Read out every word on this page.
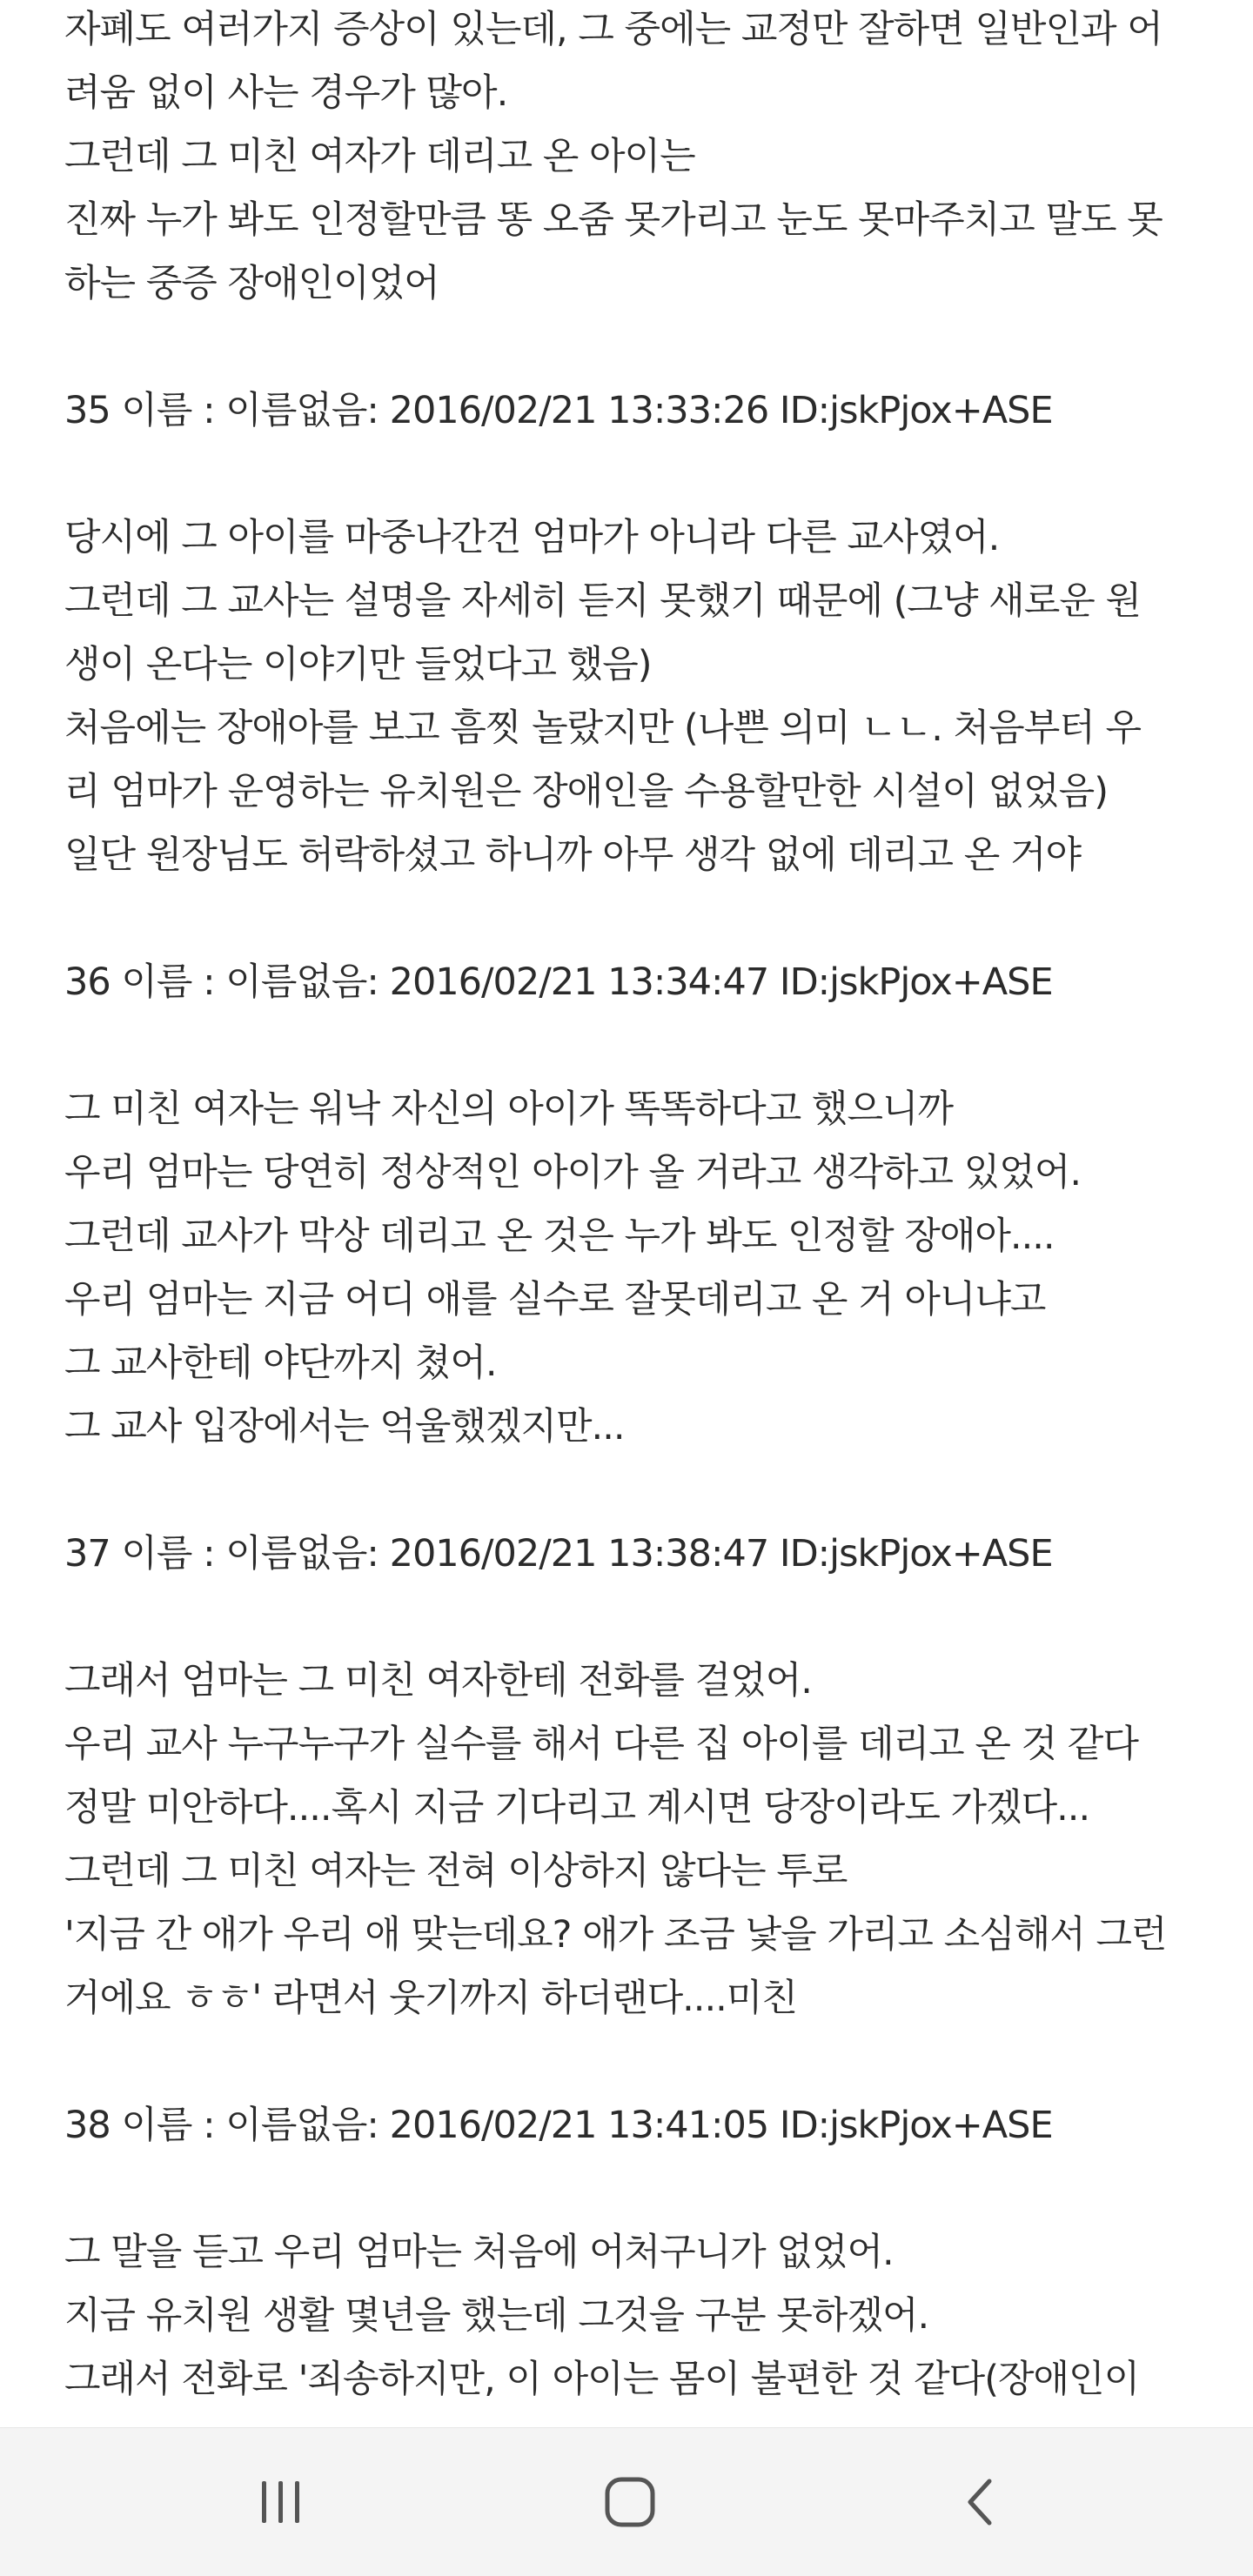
자폐도 여러가지 증상이 있는데, 그 중에는 교정만 잘하면 일반인과 어
려움 없이 사는 경우가 많아.
그런데 그 미친 여자가 데리고 온 아이는
진짜 누가 봐도 인정할만큼 똥 오줌 못가리고 눈도 못마주치고 말도 못
하는 중증 장애인이었어
35 이름 : 이름없음: 2016/02/21 13:33:26 ID:jskPjox+ASE
당시에 그 아이를 마중나간건 엄마가 아니라 다른 교사였어.
그런데 그 교사는 설명을 자세히 듣지 못했기 때문에 (그냥 새로운 원
생이 온다는 이야기만 들었다고 했음)
처음에는 장애아를 보고 흠찟 놀랐지만 (나쁜 의미 ㄴㄴ. 처음부터 우
리 엄마가 운영하는 유치원은 장애인을 수용할만한 시설이 없었음)
일단 원장님도 허락하셨고 하니까 아무 생각 없에 데리고 온 거야
36 이름 : 이름없음: 2016/02/21 13:34:47 ID:jskPjox+ASE
그 미친 여자는 워낙 자신의 아이가 똑똑하다고 했으니까
우리 엄마는 당연히 정상적인 아이가 올 거라고 생각하고 있었어.
그런데 교사가 막상 데리고 온 것은 누가 봐도 인정할 장애아....
우리 엄마는 지금 어디 애를 실수로 잘못데리고 온 거 아니냐고
그 교사한테 야단까지 쳤어.
그 교사 입장에서는 억울했겠지만...
37 이름 : 이름없음: 2016/02/21 13:38:47 ID:jskPjox+ASE
그래서 엄마는 그 미친 여자한테 전화를 걸었어.
우리 교사 누구누구가 실수를 해서 다른 집 아이를 데리고 온 것 같다
정말 미안하다....혹시 지금 기다리고 계시면 당장이라도 가겠다...
그런데 그 미친 여자는 전혀 이상하지 않다는 투로
'지금 간 애가 우리 애 맞는데요? 애가 조금 낯을 가리고 소심해서 그런
거에요 ㅎㅎ' 라면서 웃기까지 하더랜다....미친
38 이름 : 이름없음: 2016/02/21 13:41:05 ID:jskPjox+ASE
그 말을 듣고 우리 엄마는 처음에 어처구니가 없었어.
지금 유치원 생활 몇년을 했는데 그것을 구분 못하겠어.
그래서 전화로 '죄송하지만, 이 아이는 몸이 불편한 것 같다(장애인이
